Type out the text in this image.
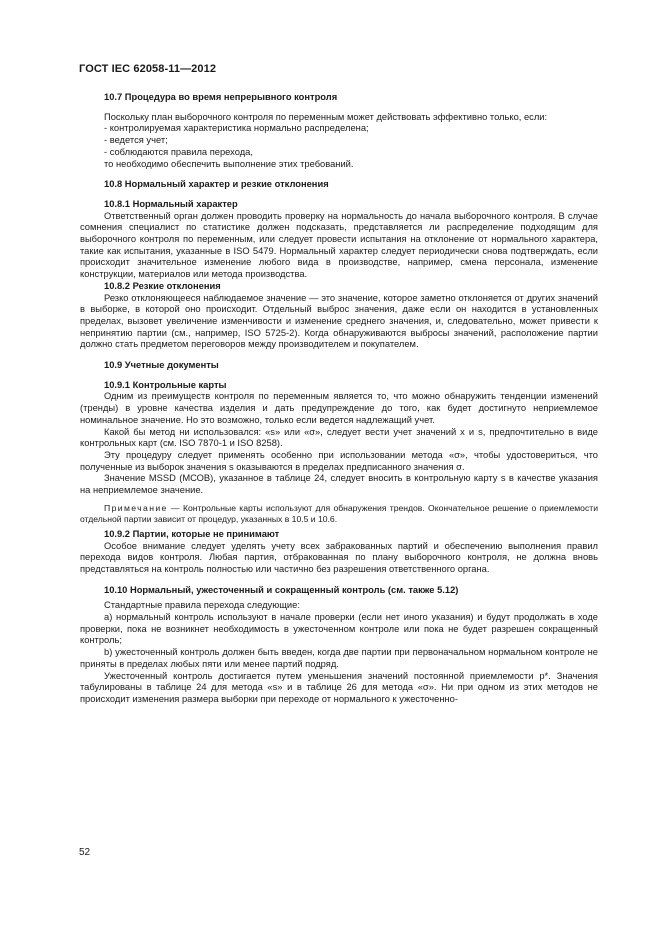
ГОСТ IEC 62058-11—2012

10.7 Процедура во время непрерывного контроля

Поскольку план выборочного контроля по переменным может действовать эффективно только, если:

- контролируемая характеристика нормально распределена;

- ведется учет;

- соблюдаются правила перехода,

то необходимо обеспечить выполнение этих требований.

10.8 Нормальный характер и резкие отклонения

10.8.1 Нормальный характер

Ответственный орган должен проводить проверку на нормальность до начала выборочного контроля. В случае сомнения специалист по статистике должен подсказать, представляется ли распределение подходящим для выборочного контроля по переменным, или следует провести испытания на отклонение от нормального характера, такие как испытания, указанные в ISO 5479. Нормальный характер следует периодически снова подтверждать, если происходит значительное изменение любого вида в производстве, например, смена персонала, изменение конструкции, материалов или метода производства.

10.8.2 Резкие отклонения

Резко отклоняющееся наблюдаемое значение — это значение, которое заметно отклоняется от других значений в выборке, в которой оно происходит. Отдельный выброс значения, даже если он находится в установленных пределах, вызовет увеличение изменчивости и изменение среднего значения, и, следовательно, может привести к непринятию партии (см., например, ISO 5725-2). Когда обнаруживаются выбросы значений, расположение партии должно стать предметом переговоров между производителем и покупателем.

10.9 Учетные документы

10.9.1 Контрольные карты

Одним из преимуществ контроля по переменным является то, что можно обнаружить тенденции изменений (тренды) в уровне качества изделия и дать предупреждение до того, как будет достигнуто неприемлемое номинальное значение. Но это возможно, только если ведется надлежащий учет.

Какой бы метод ни использовался: «s» или «σ», следует вести учет значений x и s, предпочтительно в виде контрольных карт (см. ISO 7870-1 и ISO 8258).

Эту процедуру следует применять особенно при использовании метода «σ», чтобы удостовериться, что полученные из выборок значения s оказываются в пределах предписанного значения σ.

Значение MSSD (МСОВ), указанное в таблице 24, следует вносить в контрольную карту s в качестве указания на неприемлемое значение.

Примечание — Контрольные карты используют для обнаружения трендов. Окончательное решение о приемлемости отдельной партии зависит от процедур, указанных в 10.5 и 10.6.

10.9.2 Партии, которые не принимают

Особое внимание следует уделять учету всех забракованных партий и обеспечению выполнения правил перехода видов контроля. Любая партия, отбракованная по плану выборочного контроля, не должна вновь представляться на контроль полностью или частично без разрешения ответственного органа.

10.10 Нормальный, ужесточенный и сокращенный контроль (см. также 5.12)

Стандартные правила перехода следующие:

а) нормальный контроль используют в начале проверки (если нет иного указания) и будут продолжать в ходе проверки, пока не возникнет необходимость в ужесточенном контроле или пока не будет разрешен сокращенный контроль;

b) ужесточенный контроль должен быть введен, когда две партии при первоначальном нормальном контроле не приняты в пределах любых пяти или менее партий подряд.

Ужесточенный контроль достигается путем уменьшения значений постоянной приемлемости p*. Значения табулированы в таблице 24 для метода «s» и в таблице 26 для метода «σ». Ни при одном из этих методов не происходит изменения размера выборки при переходе от нормального к ужесточенно-

52
